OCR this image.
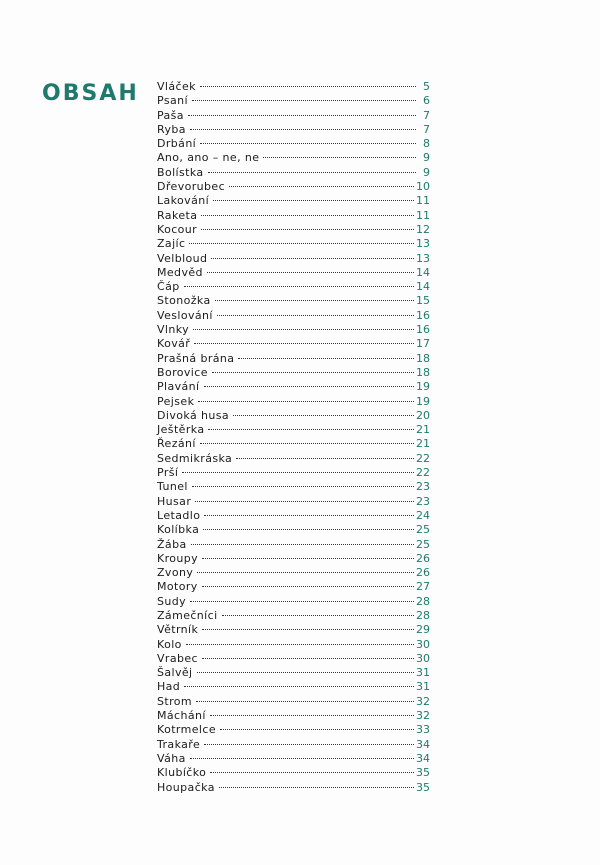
OBSAH Vláček	5
Psaní	6
Paša	7
Ryba	7
Drbání	8
Ano, ano – ne, ne	9
Bolístka	9
Dřevorubec	10
Lakování	11
Raketa	11
Kocour	12
Zajíc	13
Velbloud	13
Medvěd	14
Čáp	14
Stonožka	15
Veslování	16
Vlnky	16
Kovář	17
Prašná brána	18
Borovice	18
Plavání	19
Pejsek	19
Divoká husa	20
Ještěrka	21
Řezání	21
Sedmikráska	22
Prší	22
Tunel	23
Husar	23
Letadlo	24
Kolíbka	25
Žába	25
Kroupy	26
Zvony	26
Motory	27
Sudy	28
Zámečníci	28
Větrník	29
Kolo	30
Vrabec	30
Šalvěj	31
Had	31
Strom	32
Máchání	32
Kotrmelce	33
Trakaře	34
Váha	34
Klubíčko	35
Houpačka	35
